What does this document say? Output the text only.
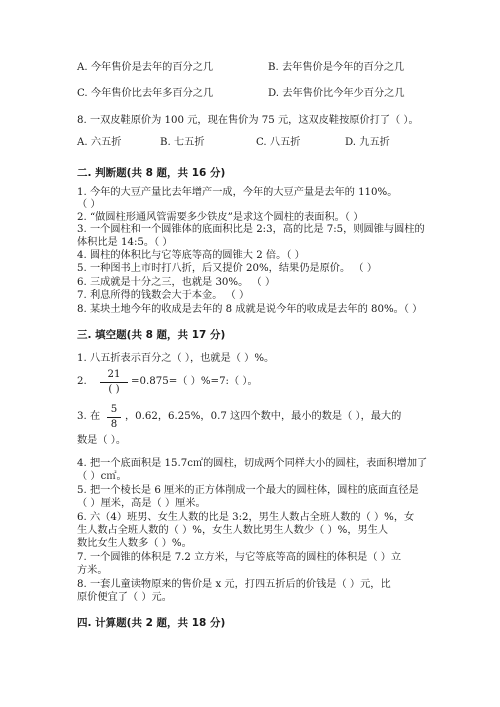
A. 今年售价是去年的百分之几	B. 去年售价是今年的百分之几
C. 今年售价比去年多百分之几	D. 去年售价比今年少百分之几
8. 一双皮鞋原价为 100 元，现在售价为 75 元，这双皮鞋按原价打了（ ）。
A. 六五折	B. 七五折	C. 八五折	D. 九五折
二. 判断题(共 8 题，共 16 分)
1. 今年的大豆产量比去年增产一成，今年的大豆产量是去年的 110%。
（ ）
2. “做圆柱形通风管需要多少铁皮”是求这个圆柱的表面积。（ ）
3. 一个圆柱和一个圆锥体的底面积比是 2:3，高的比是 7:5，则圆锥与圆柱的
体积比是 14:5。（ ）
4. 圆柱的体积比与它等底等高的圆锥大 2 倍。（ ）
5. 一种图书上市时打八折，后又提价 20%，结果仍是原价。 （ ）
6. 三成就是十分之三，也就是 30%。 （ ）
7. 利息所得的钱数会大于本金。 （ ）
8. 某块土地今年的收成是去年的 8 成就是说今年的收成是去年的 80%。（ ）
三. 填空题(共 8 题，共 17 分)
1. 八五折表示百分之（ ），也就是（ ）%。
2.
21
( )
=0.875=（ ）%=7:（ ）。
3. 在 $\frac{5}{8}$ ，0.62，6.25%，0.7 这四个数中，最小的数是（ ），最大的
数是（ ）。
4. 把一个底面积是 15.7c㎡的圆柱，切成两个同样大小的圆柱，表面积增加了
（ ）c㎡。
5. 把一个棱长是 6 厘米的正方体削成一个最大的圆柱体，圆柱的底面直径是
（ ）厘米，高是（ ）厘米。
6. 六（4）班男、女生人数的比是 3:2，男生人数占全班人数的（ ）%，女
生人数占全班人数的（ ）%，女生人数比男生人数少（ ）%，男生人
数比女生人数多（ ）%。
7. 一个圆锥的体积是 7.2 立方米，与它等底等高的圆柱的体积是（ ）立
方米。
8. 一套儿童读物原来的售价是 x 元，打四五折后的价钱是（ ）元，比
原价便宜了（ ）元。
四. 计算题(共 2 题，共 18 分)
